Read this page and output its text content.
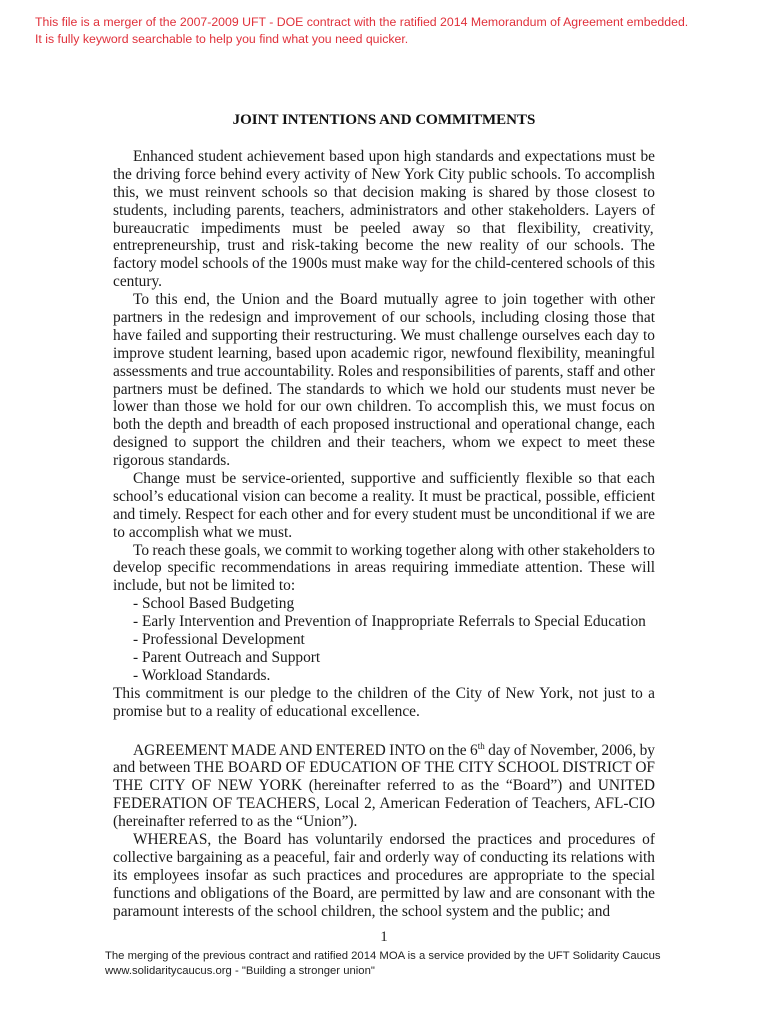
This file is a merger of the 2007-2009 UFT - DOE contract with the ratified 2014 Memorandum of Agreement embedded.
It is fully keyword searchable to help you find what you need quicker.
JOINT INTENTIONS AND COMMITMENTS
Enhanced student achievement based upon high standards and expectations must be
the driving force behind every activity of New York City public schools. To accomplish
this, we must reinvent schools so that decision making is shared by those closest to
students, including parents, teachers, administrators and other stakeholders. Layers of
bureaucratic impediments must be peeled away so that flexibility, creativity,
entrepreneurship, trust and risk-taking become the new reality of our schools. The
factory model schools of the 1900s must make way for the child-centered schools of this
century.
To this end, the Union and the Board mutually agree to join together with other
partners in the redesign and improvement of our schools, including closing those that
have failed and supporting their restructuring. We must challenge ourselves each day to
improve student learning, based upon academic rigor, newfound flexibility, meaningful
assessments and true accountability. Roles and responsibilities of parents, staff and other
partners must be defined. The standards to which we hold our students must never be
lower than those we hold for our own children. To accomplish this, we must focus on
both the depth and breadth of each proposed instructional and operational change, each
designed to support the children and their teachers, whom we expect to meet these
rigorous standards.
Change must be service-oriented, supportive and sufficiently flexible so that each
school’s educational vision can become a reality. It must be practical, possible, efficient
and timely. Respect for each other and for every student must be unconditional if we are
to accomplish what we must.
To reach these goals, we commit to working together along with other stakeholders to
develop specific recommendations in areas requiring immediate attention. These will
include, but not be limited to:
- School Based Budgeting
- Early Intervention and Prevention of Inappropriate Referrals to Special Education
- Professional Development
- Parent Outreach and Support
- Workload Standards.
This commitment is our pledge to the children of the City of New York, not just to a
promise but to a reality of educational excellence.
AGREEMENT MADE AND ENTERED INTO on the 6th day of November, 2006, by
and between THE BOARD OF EDUCATION OF THE CITY SCHOOL DISTRICT OF
THE CITY OF NEW YORK (hereinafter referred to as the “Board”) and UNITED
FEDERATION OF TEACHERS, Local 2, American Federation of Teachers, AFL-CIO
(hereinafter referred to as the “Union”).
WHEREAS, the Board has voluntarily endorsed the practices and procedures of
collective bargaining as a peaceful, fair and orderly way of conducting its relations with
its employees insofar as such practices and procedures are appropriate to the special
functions and obligations of the Board, are permitted by law and are consonant with the
paramount interests of the school children, the school system and the public; and
1
The merging of the previous contract and ratified 2014 MOA is a service provided by the UFT Solidarity Caucus
www.solidaritycaucus.org - "Building a stronger union"
